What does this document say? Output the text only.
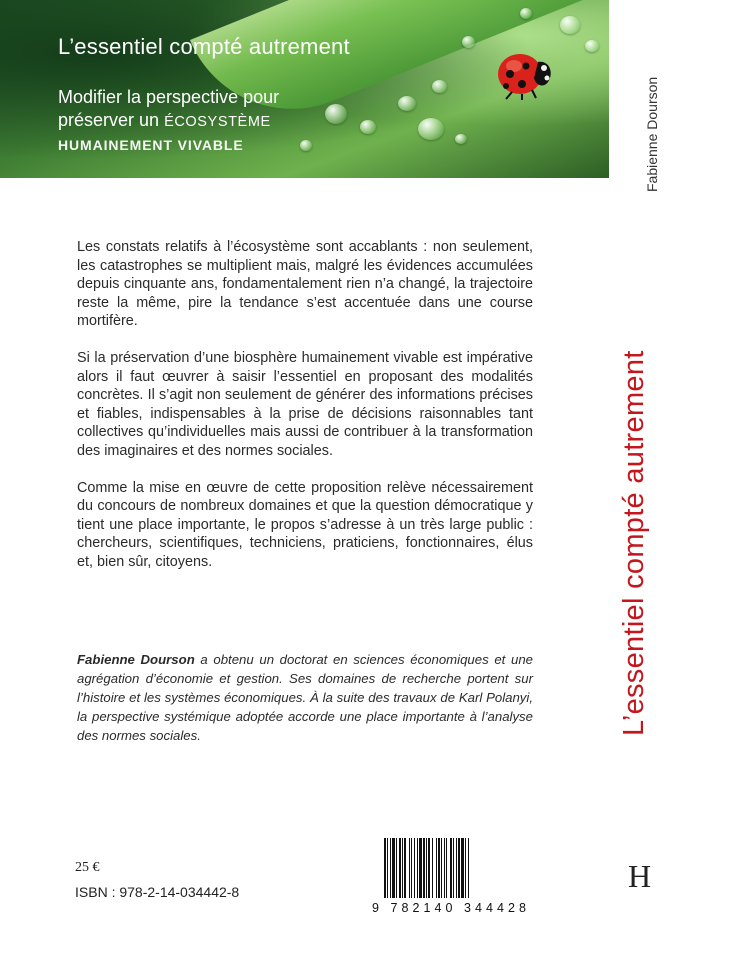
L’essentiel compté autrement
Modifier la perspective pour
préserver un ÉCOSYSTÈME
HUMAINEMENT VIVABLE

Les constats relatifs à l’écosystème sont accablants : non seulement, les catastrophes se multiplient mais, malgré les évidences accumulées depuis cinquante ans, fondamentalement rien n’a changé, la trajectoire reste la même, pire la tendance s’est accentuée dans une course mortifère.

Si la préservation d’une biosphère humainement vivable est impérative alors il faut œuvrer à saisir l’essentiel en proposant des modalités concrètes. Il s’agit non seulement de générer des informations précises et fiables, indispensables à la prise de décisions raisonnables tant collectives qu’individuelles mais aussi de contribuer à la transformation des imaginaires et des normes sociales.

Comme la mise en œuvre de cette proposition relève nécessairement du concours de nombreux domaines et que la question démocratique y tient une place importante, le propos s’adresse à un très large public : chercheurs, scientifiques, techniciens, praticiens, fonctionnaires, élus et, bien sûr, citoyens.

Fabienne Dourson a obtenu un doctorat en sciences économiques et une agrégation d’économie et gestion. Ses domaines de recherche portent sur l’histoire et les systèmes économiques. À la suite des travaux de Karl Polanyi, la perspective systémique adoptée accorde une place importante à l’analyse des normes sociales.

25 €
ISBN : 978-2-14-034442-8
9 782140 344428
Fabienne Dourson
L’essentiel compté autrement
H
